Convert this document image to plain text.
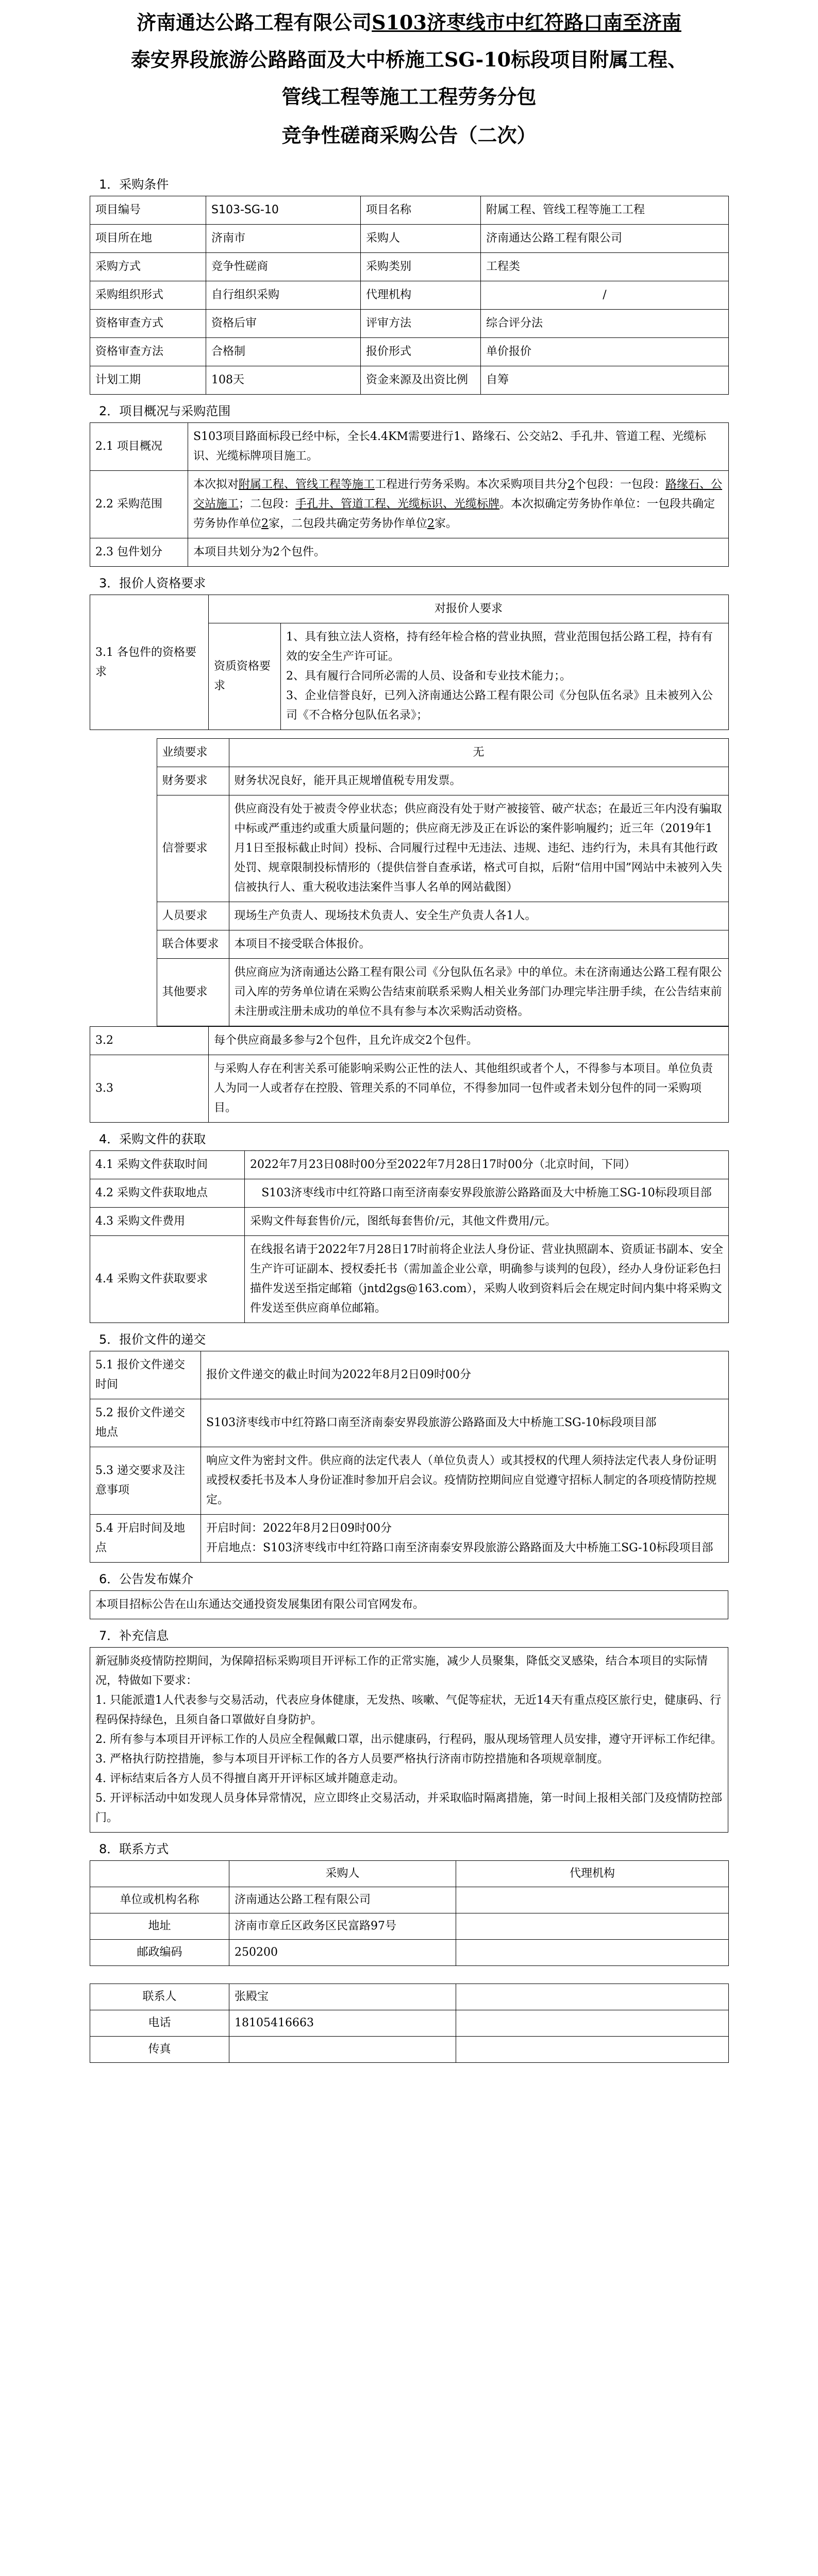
济南通达公路工程有限公司S103济枣线市中红符路口南至济南
泰安界段旅游公路路面及大中桥施工SG-10标段项目附属工程、
管线工程等施工工程劳务分包
竞争性磋商采购公告（二次）
1．采购条件
项目编号	S103-SG-10	项目名称	附属工程、管线工程等施工工程
项目所在地	济南市	采购人	济南通达公路工程有限公司
采购方式	竞争性磋商	采购类别	工程类
采购组织形式	自行组织采购	代理机构	/
资格审查方式	资格后审	评审方法	综合评分法
资格审查方法	合格制	报价形式	单价报价
计划工期	108天	资金来源及出资比例	自筹
2．项目概况与采购范围
2.1 项目概况	S103项目路面标段已经中标，全长4.4KM需要进行1、路缘石、公交站2、手孔井、管道工程、光缆标识、光缆标牌项目施工。
2.2 采购范围	本次拟对附属工程、管线工程等施工工程进行劳务采购。本次采购项目共分2个包段：一包段：路缘石、公交站施工；二包段：手孔井、管道工程、光缆标识、光缆标牌。本次拟确定劳务协作单位：一包段共确定劳务协作单位2家，二包段共确定劳务协作单位2家。
2.3 包件划分	本项目共划分为2个包件。
3．报价人资格要求
3.1 各包件的资格要求	对报价人要求	
	资质资格要求	1、具有独立法人资格，持有经年检合格的营业执照，营业范围包括公路工程，持有有效的安全生产许可证。
2、具有履行合同所必需的人员、设备和专业技术能力；。
3、企业信誉良好，已列入济南通达公路工程有限公司《分包队伍名录》且未被列入公司《不合格分包队伍名录》；
	业绩要求	无
	财务要求	财务状况良好，能开具正规增值税专用发票。
	信誉要求	供应商没有处于被责令停业状态；供应商没有处于财产被接管、破产状态；在最近三年内没有骗取中标或严重违约或重大质量问题的；供应商无涉及正在诉讼的案件影响履约；近三年（2019年1月1日至报标截止时间）投标、合同履行过程中无违法、违规、违纪、违约行为，未具有其他行政处罚、规章限制投标情形的（提供信誉自查承诺，格式可自拟，后附“信用中国”网站中未被列入失信被执行人、重大税收违法案件当事人名单的网站截图）
	人员要求	现场生产负责人、现场技术负责人、安全生产负责人各1人。
	联合体要求	本项目不接受联合体报价。
	其他要求	供应商应为济南通达公路工程有限公司《分包队伍名录》中的单位。未在济南通达公路工程有限公司入库的劳务单位请在采购公告结束前联系采购人相关业务部门办理完毕注册手续，在公告结束前未注册或注册未成功的单位不具有参与本次采购活动资格。
3.2	每个供应商最多参与2个包件，且允许成交2个包件。
3.3	与采购人存在利害关系可能影响采购公正性的法人、其他组织或者个人，不得参与本项目。单位负责人为同一人或者存在控股、管理关系的不同单位，不得参加同一包件或者未划分包件的同一采购项目。
4．采购文件的获取
4.1 采购文件获取时间	2022年7月23日08时00分至2022年7月28日17时00分（北京时间，下同）
4.2 采购文件获取地点	S103济枣线市中红符路口南至济南泰安界段旅游公路路面及大中桥施工SG-10标段项目部
4.3 采购文件费用	采购文件每套售价/元，图纸每套售价/元，其他文件费用/元。
4.4 采购文件获取要求	在线报名请于2022年7月28日17时前将企业法人身份证、营业执照副本、资质证书副本、安全生产许可证副本、授权委托书（需加盖企业公章，明确参与谈判的包段），经办人身份证彩色扫描件发送至指定邮箱（jntd2gs@163.com），采购人收到资料后会在规定时间内集中将采购文件发送至供应商单位邮箱。
5．报价文件的递交
5.1 报价文件递交时间	报价文件递交的截止时间为2022年8月2日09时00分
5.2 报价文件递交地点	S103济枣线市中红符路口南至济南泰安界段旅游公路路面及大中桥施工SG-10标段项目部
5.3 递交要求及注意事项	响应文件为密封文件。供应商的法定代表人（单位负责人）或其授权的代理人须持法定代表人身份证明或授权委托书及本人身份证准时参加开启会议。疫情防控期间应自觉遵守招标人制定的各项疫情防控规定。
5.4 开启时间及地点	开启时间：2022年8月2日09时00分
开启地点：S103济枣线市中红符路口南至济南泰安界段旅游公路路面及大中桥施工SG-10标段项目部
6．公告发布媒介
本项目招标公告在山东通达交通投资发展集团有限公司官网发布。
7．补充信息
新冠肺炎疫情防控期间，为保障招标采购项目开评标工作的正常实施，减少人员聚集，降低交叉感染，结合本项目的实际情况，特做如下要求：
1. 只能派遣1人代表参与交易活动，代表应身体健康，无发热、咳嗽、气促等症状，无近14天有重点疫区旅行史，健康码、行程码保持绿色，且须自备口罩做好自身防护。
2. 所有参与本项目开评标工作的人员应全程佩戴口罩，出示健康码，行程码，服从现场管理人员安排，遵守开评标工作纪律。
3. 严格执行防控措施，参与本项目开评标工作的各方人员要严格执行济南市防控措施和各项规章制度。
4. 评标结束后各方人员不得擅自离开开评标区域并随意走动。
5. 开评标活动中如发现人员身体异常情况，应立即终止交易活动，并采取临时隔离措施，第一时间上报相关部门及疫情防控部门。
8．联系方式
	采购人	代理机构
单位或机构名称	济南通达公路工程有限公司	
地址	济南市章丘区政务区民富路97号	
邮政编码	250200	
联系人	张殿宝	
电话	18105416663	
传真		
